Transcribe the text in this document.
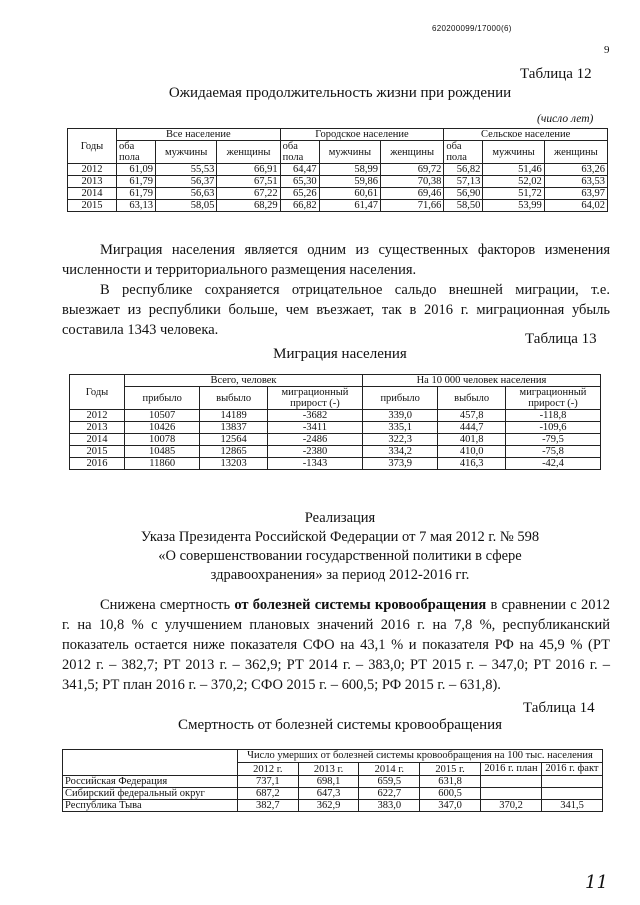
620200099/17000(6)
9
Таблица 12
Ожидаемая продолжительность жизни при рождении
(число лет)
Годы	Все население			Городское население			Сельское население		
	оба пола	мужчины	женщины	оба пола	мужчины	женщины	оба пола	мужчины	женщины
2012	61,09	55,53	66,91	64,47	58,99	69,72	56,82	51,46	63,26
2013	61,79	56,37	67,51	65,30	59,86	70,38	57,13	52,02	63,53
2014	61,79	56,63	67,22	65,26	60,61	69,46	56,90	51,72	63,97
2015	63,13	58,05	68,29	66,82	61,47	71,66	58,50	53,99	64,02
Миграция населения является одним из существенных факторов изменения численности и территориального размещения населения.
В республике сохраняется отрицательное сальдо внешней миграции, т.е. выезжает из республики больше, чем въезжает, так в 2016 г. миграционная убыль составила 1343 человека.
Таблица 13
Миграция населения
Годы	Всего, человек			На 10 000 человек населения		
	прибыло	выбыло	миграционный прирост (-)	прибыло	выбыло	миграционный прирост (-)
2012	10507	14189	-3682	339,0	457,8	-118,8
2013	10426	13837	-3411	335,1	444,7	-109,6
2014	10078	12564	-2486	322,3	401,8	-79,5
2015	10485	12865	-2380	334,2	410,0	-75,8
2016	11860	13203	-1343	373,9	416,3	-42,4
Реализация
Указа Президента Российской Федерации от 7 мая 2012 г. № 598
«О совершенствовании государственной политики в сфере
здравоохранения» за период 2012-2016 гг.
Снижена смертность от болезней системы кровообращения в сравнении с 2012 г. на 10,8 % с улучшением плановых значений 2016 г. на 7,8 %, республиканский показатель остается ниже показателя СФО на 43,1 % и показателя РФ на 45,9 % (РТ 2012 г. – 382,7; РТ 2013 г. – 362,9; РТ 2014 г. – 383,0; РТ 2015 г. – 347,0; РТ 2016 г. – 341,5; РТ план 2016 г. – 370,2; СФО 2015 г. – 600,5; РФ 2015 г. – 631,8).
Таблица 14
Смертность от болезней системы кровообращения
	Число умерших от болезней системы кровообращения на 100 тыс. населения					
	2012 г.	2013 г.	2014 г.	2015 г.	2016 г. план	2016 г. факт
Российская Федерация	737,1	698,1	659,5	631,8		
Сибирский федеральный округ	687,2	647,3	622,7	600,5		
Республика Тыва	382,7	362,9	383,0	347,0	370,2	341,5
11
